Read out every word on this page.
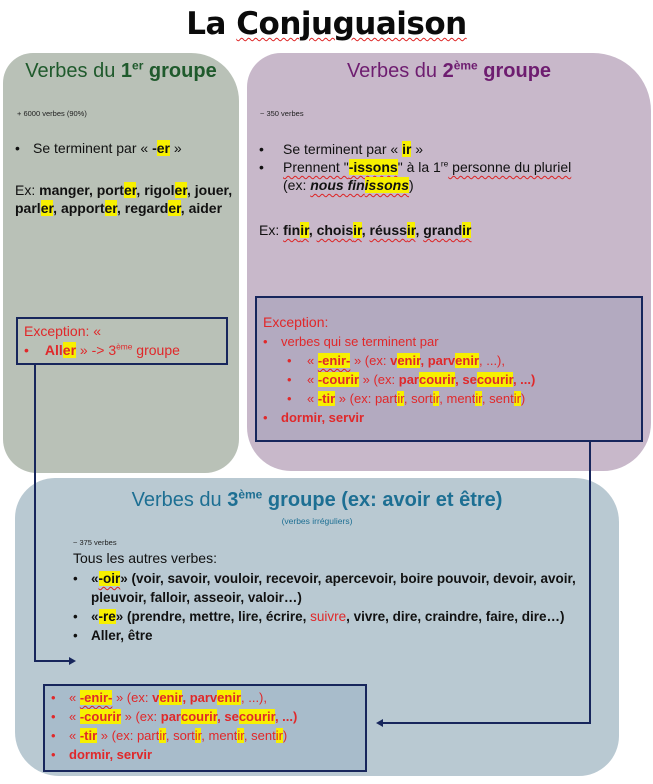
La Conjuguaison
Verbes du 1er groupe
+ 6000 verbes (90%)
• Se terminent par « -er »
Ex: manger, porter, rigoler, jouer, parler, apporter, regarder, aider
Exception: «
• Aller » -> 3ème groupe
Verbes du 2ème groupe
~ 350 verbes
•	Se terminent par « ir »
•	Prennent "-issons" à la 1re personne du pluriel
(ex: nous finissons)
Ex: finir, choisir, réussir, grandir
Exception:
•	verbes qui se terminent par
•	« -enir- » (ex: venir, parvenir, ...),
•	« -courir » (ex: parcourir, secourir, ...)
•	« -tir » (ex: partir, sortir, mentir, sentir)
•	dormir, servir
Verbes du 3ème groupe (ex: avoir et être)
(verbes irréguliers)
~ 375 verbes
Tous les autres verbes:
• «-oir» (voir, savoir, vouloir, recevoir, apercevoir, boire pouvoir, devoir, avoir, pleuvoir, falloir, asseoir, valoir…)
• «-re» (prendre, mettre, lire, écrire, suivre, vivre, dire, craindre, faire, dire…)
• Aller, être
•	« -enir- » (ex: venir, parvenir, ...),
•	« -courir » (ex: parcourir, secourir, ...)
•	« -tir » (ex: partir, sortir, mentir, sentir)
•	dormir, servir
